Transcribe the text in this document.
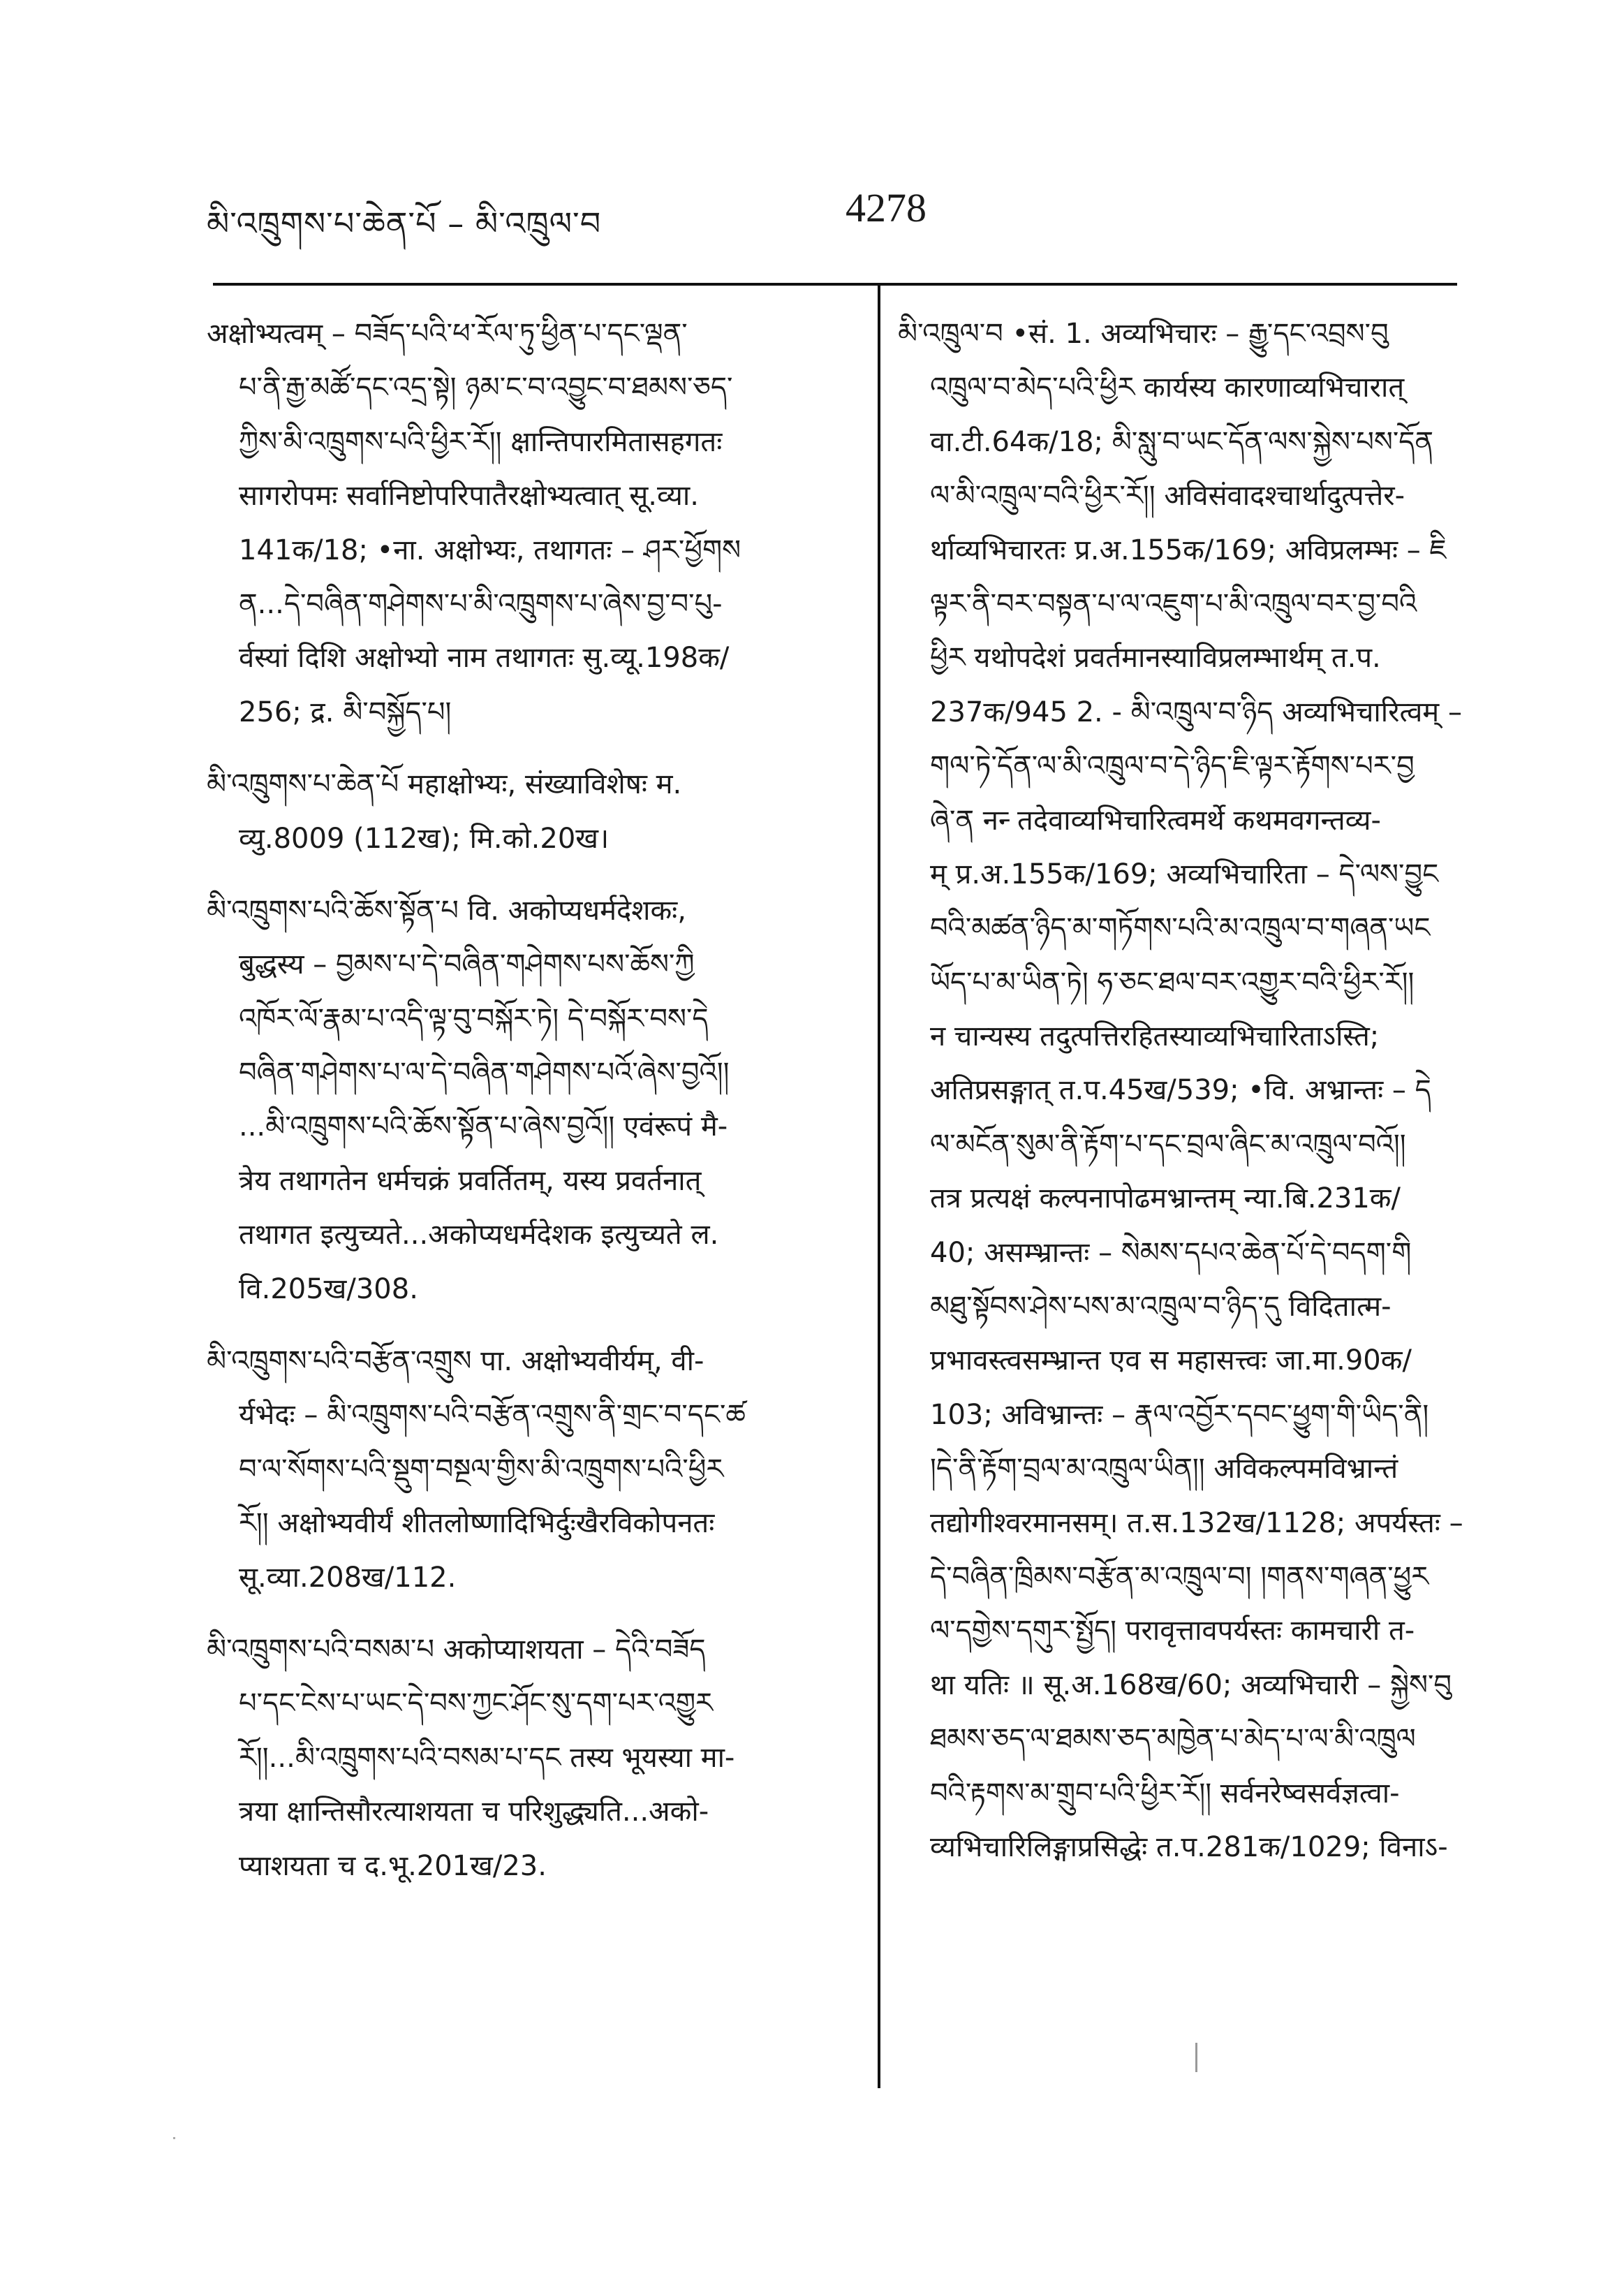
མི་འཁྲུགས་པ་ཆེན་པོ – མི་འཁྲུལ་བ	4278
अक्षोभ्यत्वम् – བཟོད་པའི་ཕ་རོལ་ཏུ་ཕྱིན་པ་དང་ལྡན་
པ་ནི་རྒྱ་མཚོ་དང་འདྲ་སྟེ། ཉམ་ང་བ་འབྱུང་བ་ཐམས་ཅད་
ཀྱིས་མི་འཁྲུགས་པའི་ཕྱིར་རོ།། क्षान्तिपारमितासहगतः
सागरोपमः सर्वानिष्टोपरिपातैरक्षोभ्यत्वात् सू.व्या.
141क/18; •ना. अक्षोभ्यः, तथागतः – ཤར་ཕྱོགས
ན...དེ་བཞིན་གཤེགས་པ་མི་འཁྲུགས་པ་ཞེས་བྱ་བ་པུ-
र्वस्यां दिशि अक्षोभ्यो नाम तथागतः सु.व्यू.198क/
256; द्र. མི་བསྐྱོད་པ།
མི་འཁྲུགས་པ་ཆེན་པོ महाक्षोभ्यः, संख्याविशेषः म.
व्यु.8009 (112ख); मि.को.20ख।
མི་འཁྲུགས་པའི་ཆོས་སྟོན་པ वि. अकोप्यधर्मदेशकः,
बुद्धस्य – བྱམས་པ་དེ་བཞིན་གཤེགས་པས་ཆོས་ཀྱི
འཁོར་ལོ་རྣམ་པ་འདི་ལྟ་བུ་བསྐོར་ཏེ། དེ་བསྐོར་བས་དེ
བཞིན་གཤེགས་པ་ལ་དེ་བཞིན་གཤེགས་པའོ་ཞེས་བྱའོ།།
...མི་འཁྲུགས་པའི་ཆོས་སྟོན་པ་ཞེས་བྱའོ།། एवंरूपं मै-
त्रेय तथागतेन धर्मचक्रं प्रवर्तितम्, यस्य प्रवर्तनात्
तथागत इत्युच्यते...अकोप्यधर्मदेशक इत्युच्यते ल.
वि.205ख/308.
མི་འཁྲུགས་པའི་བརྩོན་འགྲུས पा. अक्षोभ्यवीर्यम्, वी-
र्यभेदः – མི་འཁྲུགས་པའི་བརྩོན་འགྲུས་ནི་གྲང་བ་དང་ཚ
བ་ལ་སོགས་པའི་སྡུག་བསྔལ་གྱིས་མི་འཁྲུགས་པའི་ཕྱིར
རོ།། अक्षोभ्यवीर्यं शीतलोष्णादिभिर्दुःखैरविकोपनतः
सू.व्या.208ख/112.
མི་འཁྲུགས་པའི་བསམ་པ अकोप्याशयता – དེའི་བཟོད
པ་དང་ངེས་པ་ཡང་དེ་བས་ཀྱང་ཤོང་སུ་དག་པར་འགྱུར
རོ།།...མི་འཁྲུགས་པའི་བསམ་པ་དང तस्य भूयस्या मा-
त्रया क्षान्तिसौरत्याशयता च परिशुद्ध्यति...अको-
प्याशयता च द.भू.201ख/23.
མི་འཁྲུལ་བ •सं. 1. अव्यभिचारः – རྒྱུ་དང་འབྲས་བུ
འཁྲུལ་བ་མེད་པའི་ཕྱིར कार्यस्य कारणाव्यभिचारात्
वा.टी.64क/18; མི་སླུ་བ་ཡང་དོན་ལས་སྐྱེས་པས་དོན
ལ་མི་འཁྲུལ་བའི་ཕྱིར་རོ།། अविसंवादश्चार्थादुत्पत्तेर-
र्थाव्यभिचारतः प्र.अ.155क/169; अविप्रलम्भः – ཇི
ལྟར་ནི་བར་བསྟན་པ་ལ་འཇུག་པ་མི་འཁྲུལ་བར་བྱ་བའི
ཕྱིར यथोपदेशं प्रवर्तमानस्याविप्रलम्भार्थम् त.प.
237क/945 2. - མི་འཁྲུལ་བ་ཉིད अव्यभिचारित्वम् –
གལ་ཏེ་དོན་ལ་མི་འཁྲུལ་བ་དེ་ཉིད་ཇི་ལྟར་རྟོགས་པར་བྱ
ཞེ་ན नन्‍ तदेवाव्यभिचारित्वमर्थे कथमवगन्तव्य-
म् प्र.अ.155क/169; अव्यभिचारिता – དེ་ལས་བྱུང
བའི་མཚན་ཉིད་མ་གཏོགས་པའི་མ་འཁྲུལ་བ་གཞན་ཡང
ཡོད་པ་མ་ཡིན་ཏེ། ཧ་ཅང་ཐལ་བར་འགྱུར་བའི་ཕྱིར་རོ།།
न चान्यस्य तदुत्पत्तिरहितस्याव्यभिचारिताऽस्ति;
अतिप्रसङ्गात् त.प.45ख/539; •वि. अभ्रान्तः – དེ
ལ་མངོན་སུམ་ནི་རྟོག་པ་དང་བྲལ་ཞིང་མ་འཁྲུལ་བའོ།།
तत्र प्रत्यक्षं कल्पनापोढमभ्रान्तम् न्या.बि.231क/
40; असम्भ्रान्तः – སེམས་དཔའ་ཆེན་པོ་དེ་བདག་གི
མཐུ་སྟོབས་ཤེས་པས་མ་འཁྲུལ་བ་ཉིད་དུ विदितात्म-
प्रभावस्त्वसम्भ्रान्त एव स महासत्त्वः जा.मा.90क/
103; अविभ्रान्तः – རྣལ་འབྱོར་དབང་ཕྱུག་གི་ཡིད་ནི།
།དེ་ནི་རྟོག་བྲལ་མ་འཁྲུལ་ཡིན།། अविकल्पमविभ्रान्तं
तद्योगीश्वरमानसम्। त.स.132ख/1128; अपर्यस्तः –
དེ་བཞིན་ཁྲིམས་བརྩོན་མ་འཁྲུལ་བ། །གནས་གཞན་ཕྱུར
ལ་དགྱེས་དགུར་སྤྱོད། परावृत्तावपर्यस्तः कामचारी त-
था यतिः ॥ सू.अ.168ख/60; अव्यभिचारी – སྐྱེས་བུ
ཐམས་ཅད་ལ་ཐམས་ཅད་མཁྱེན་པ་མེད་པ་ལ་མི་འཁྲུལ
བའི་རྟགས་མ་གྲུབ་པའི་ཕྱིར་རོ།། सर्वनरेष्वसर्वज्ञत्वा-
व्यभिचारिलिङ्गाप्रसिद्धेः त.प.281क/1029; विनाऽ-
